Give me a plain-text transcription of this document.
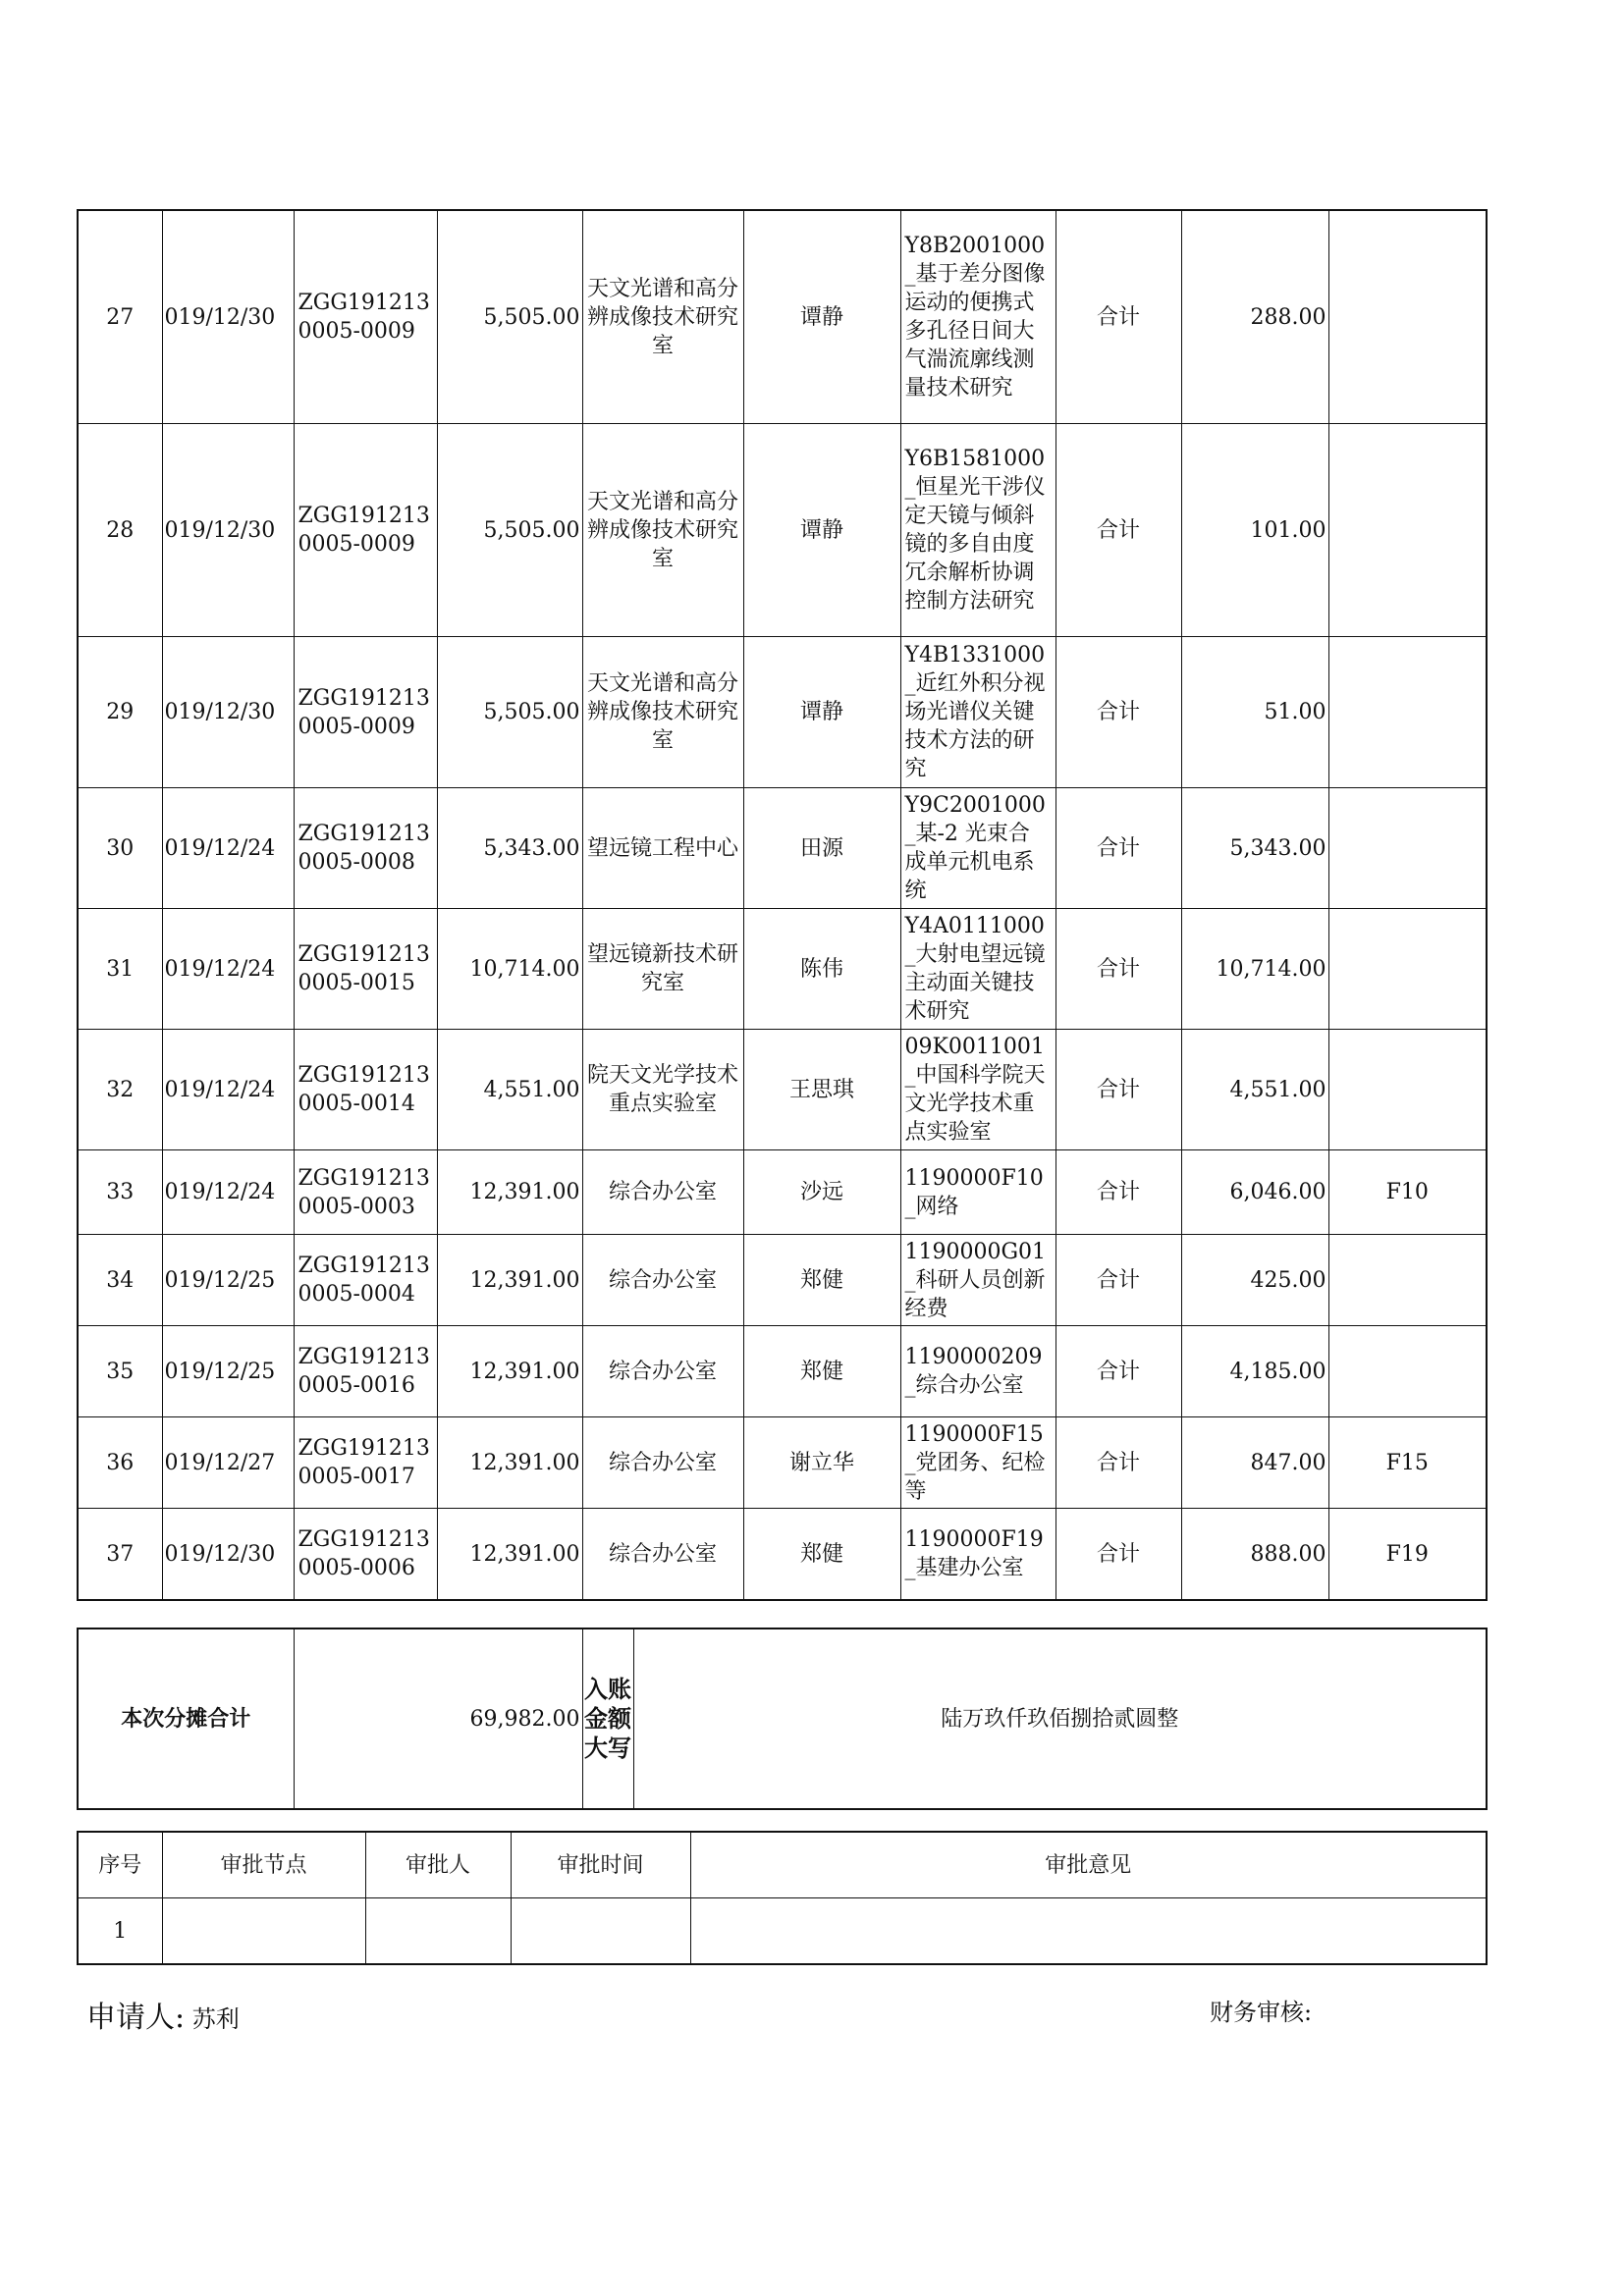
27	019/12/30	ZGG1912130005-0009	5,505.00	天文光谱和高分辨成像技术研究室	谭静	Y8B2001000_基于差分图像运动的便携式多孔径日间大气湍流廓线测量技术研究	合计	288.00	
28	019/12/30	ZGG1912130005-0009	5,505.00	天文光谱和高分辨成像技术研究室	谭静	Y6B1581000_恒星光干涉仪定天镜与倾斜镜的多自由度冗余解析协调控制方法研究	合计	101.00	
29	019/12/30	ZGG1912130005-0009	5,505.00	天文光谱和高分辨成像技术研究室	谭静	Y4B1331000_近红外积分视场光谱仪关键技术方法的研究	合计	51.00	
30	019/12/24	ZGG1912130005-0008	5,343.00	望远镜工程中心	田源	Y9C2001000_某-2 光束合成单元机电系统	合计	5,343.00	
31	019/12/24	ZGG1912130005-0015	10,714.00	望远镜新技术研究室	陈伟	Y4A0111000_大射电望远镜主动面关键技术研究	合计	10,714.00	
32	019/12/24	ZGG1912130005-0014	4,551.00	院天文光学技术重点实验室	王思琪	09K0011001_中国科学院天文光学技术重点实验室	合计	4,551.00	
33	019/12/24	ZGG1912130005-0003	12,391.00	综合办公室	沙远	1190000F10_网络	合计	6,046.00	F10
34	019/12/25	ZGG1912130005-0004	12,391.00	综合办公室	郑健	1190000G01_科研人员创新经费	合计	425.00	
35	019/12/25	ZGG1912130005-0016	12,391.00	综合办公室	郑健	1190000209_综合办公室	合计	4,185.00	
36	019/12/27	ZGG1912130005-0017	12,391.00	综合办公室	谢立华	1190000F15_党团务、纪检等	合计	847.00	F15
37	019/12/30	ZGG1912130005-0006	12,391.00	综合办公室	郑健	1190000F19_基建办公室	合计	888.00	F19
本次分摊合计	69,982.00	入账金额大写	陆万玖仟玖佰捌拾贰圆整
序号	审批节点	审批人	审批时间	审批意见
1				
申请人: 苏利	财务审核:
